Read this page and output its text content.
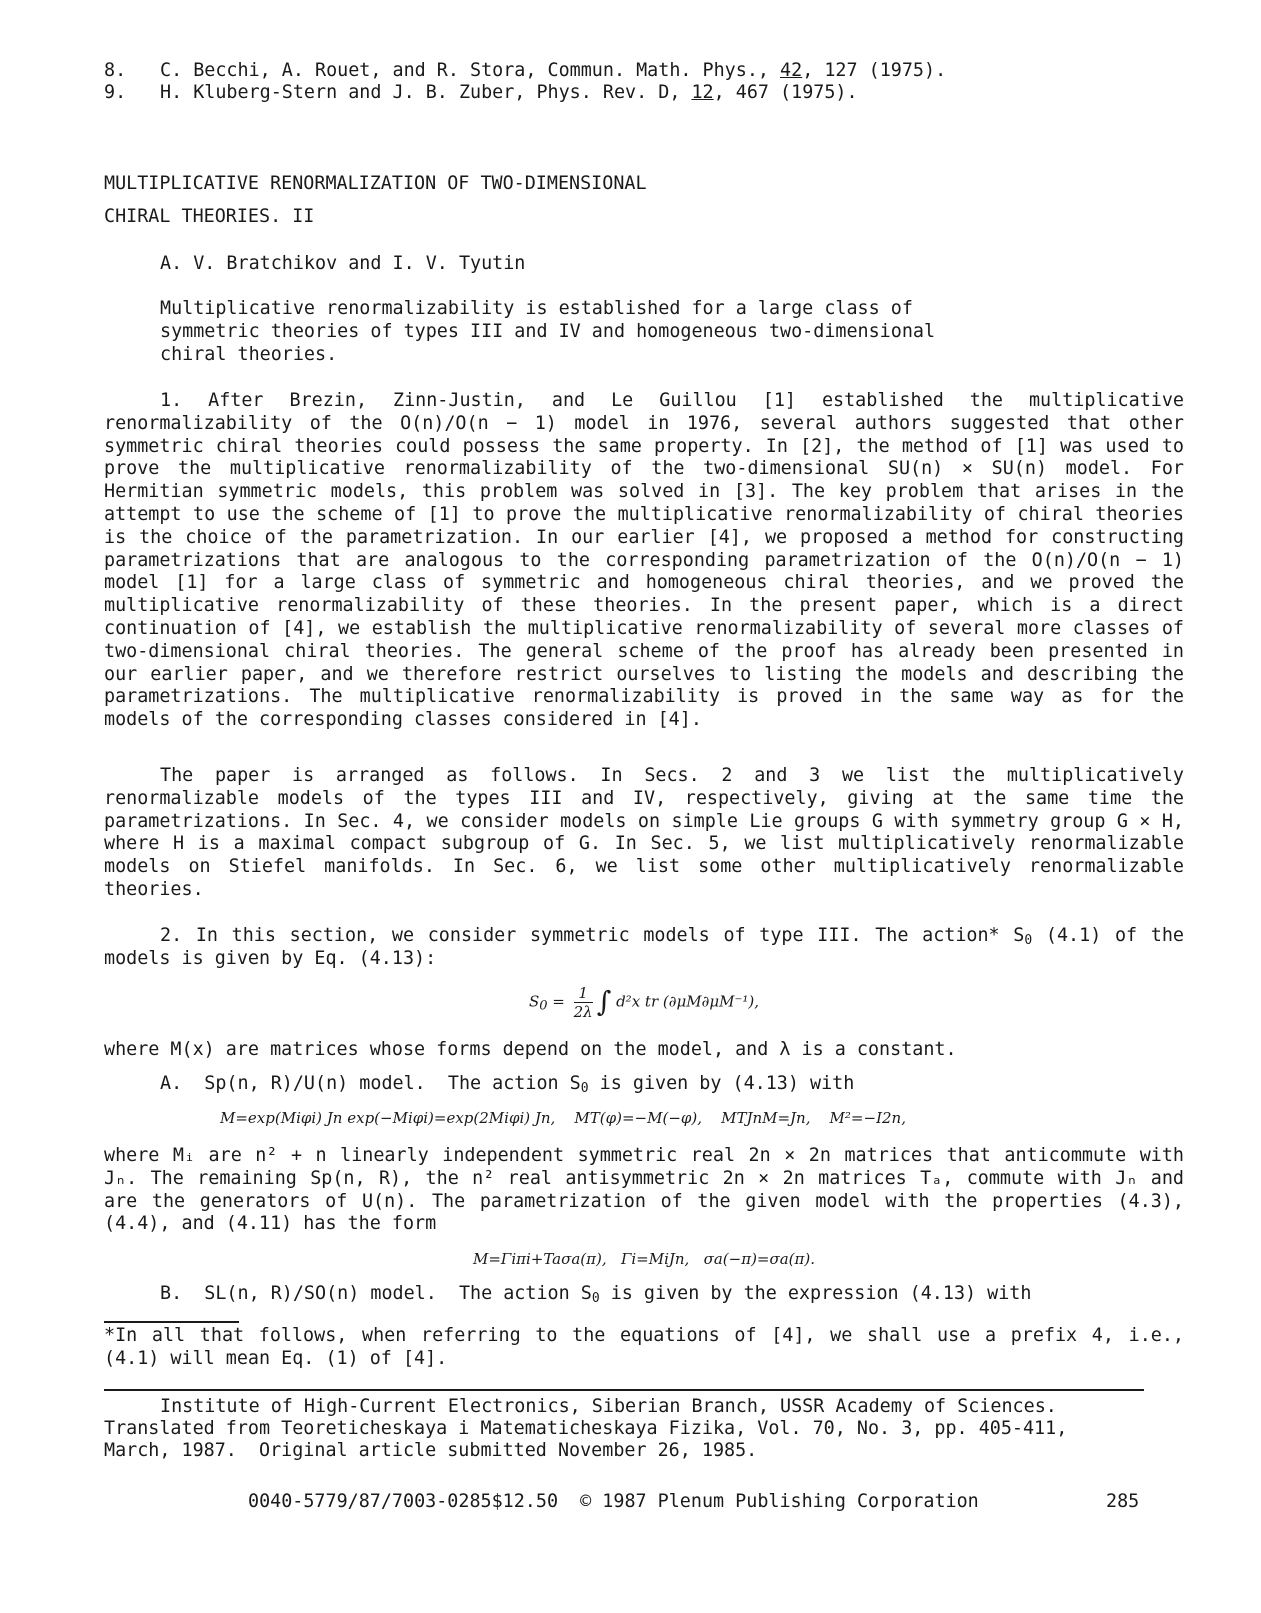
8. C. Becchi, A. Rouet, and R. Stora, Commun. Math. Phys., 42, 127 (1975).
9. H. Kluberg-Stern and J. B. Zuber, Phys. Rev. D, 12, 467 (1975).
MULTIPLICATIVE RENORMALIZATION OF TWO-DIMENSIONAL
CHIRAL THEORIES. II
A. V. Bratchikov and I. V. Tyutin
Multiplicative renormalizability is established for a large class of symmetric theories of types III and IV and homogeneous two-dimensional chiral theories.
1. After Brezin, Zinn-Justin, and Le Guillou [1] established the multiplicative renormalizability of the O(n)/O(n − 1) model in 1976, several authors suggested that other symmetric chiral theories could possess the same property. In [2], the method of [1] was used to prove the multiplicative renormalizability of the two-dimensional SU(n) × SU(n) model. For Hermitian symmetric models, this problem was solved in [3]. The key problem that arises in the attempt to use the scheme of [1] to prove the multiplicative renormalizability of chiral theories is the choice of the parametrization. In our earlier [4], we proposed a method for constructing parametrizations that are analogous to the corresponding parametrization of the O(n)/O(n − 1) model [1] for a large class of symmetric and homogeneous chiral theories, and we proved the multiplicative renormalizability of these theories. In the present paper, which is a direct continuation of [4], we establish the multiplicative renormalizability of several more classes of two-dimensional chiral theories. The general scheme of the proof has already been presented in our earlier paper, and we therefore restrict ourselves to listing the models and describing the parametrizations. The multiplicative renormalizability is proved in the same way as for the models of the corresponding classes considered in [4].
The paper is arranged as follows. In Secs. 2 and 3 we list the multiplicatively renormalizable models of the types III and IV, respectively, giving at the same time the parametrizations. In Sec. 4, we consider models on simple Lie groups G with symmetry group G × H, where H is a maximal compact subgroup of G. In Sec. 5, we list multiplicatively renormalizable models on Stiefel manifolds. In Sec. 6, we list some other multiplicatively renormalizable theories.
2. In this section, we consider symmetric models of type III. The action* $S_0$ (4.1) of the models is given by Eq. (4.13):
$S_0 = \frac{1}{2\lambda}$ ∫ d²x tr (∂μM∂μM⁻¹),
where M(x) are matrices whose forms depend on the model, and λ is a constant.
A.  Sp(n, R)/U(n) model.  The action $S_0$ is given by (4.13) with
M=exp(Miφi) Jn exp(−Miφi)=exp(2Miφi) Jn,    MT(φ)=−M(−φ),    MTJnM=Jn,    M²=−I2n,
where Mᵢ are n² + n linearly independent symmetric real 2n × 2n matrices that anticommute with Jₙ. The remaining Sp(n, R), the n² real antisymmetric 2n × 2n matrices Tₐ, commute with Jₙ and are the generators of U(n). The parametrization of the given model with the properties (4.3), (4.4), and (4.11) has the form
M=Γiπi+Taσa(π),   Γi=MiJn,   σa(−π)=σa(π).
B.  SL(n, R)/SO(n) model.  The action $S_0$ is given by the expression (4.13) with
*In all that follows, when referring to the equations of [4], we shall use a prefix 4, i.e., (4.1) will mean Eq. (1) of [4].
Institute of High-Current Electronics, Siberian Branch, USSR Academy of Sciences.
Translated from Teoreticheskaya i Matematicheskaya Fizika, Vol. 70, No. 3, pp. 405-411,
March, 1987.  Original article submitted November 26, 1985.
0040-5779/87/7003-0285$12.50  © 1987 Plenum Publishing Corporation	285
